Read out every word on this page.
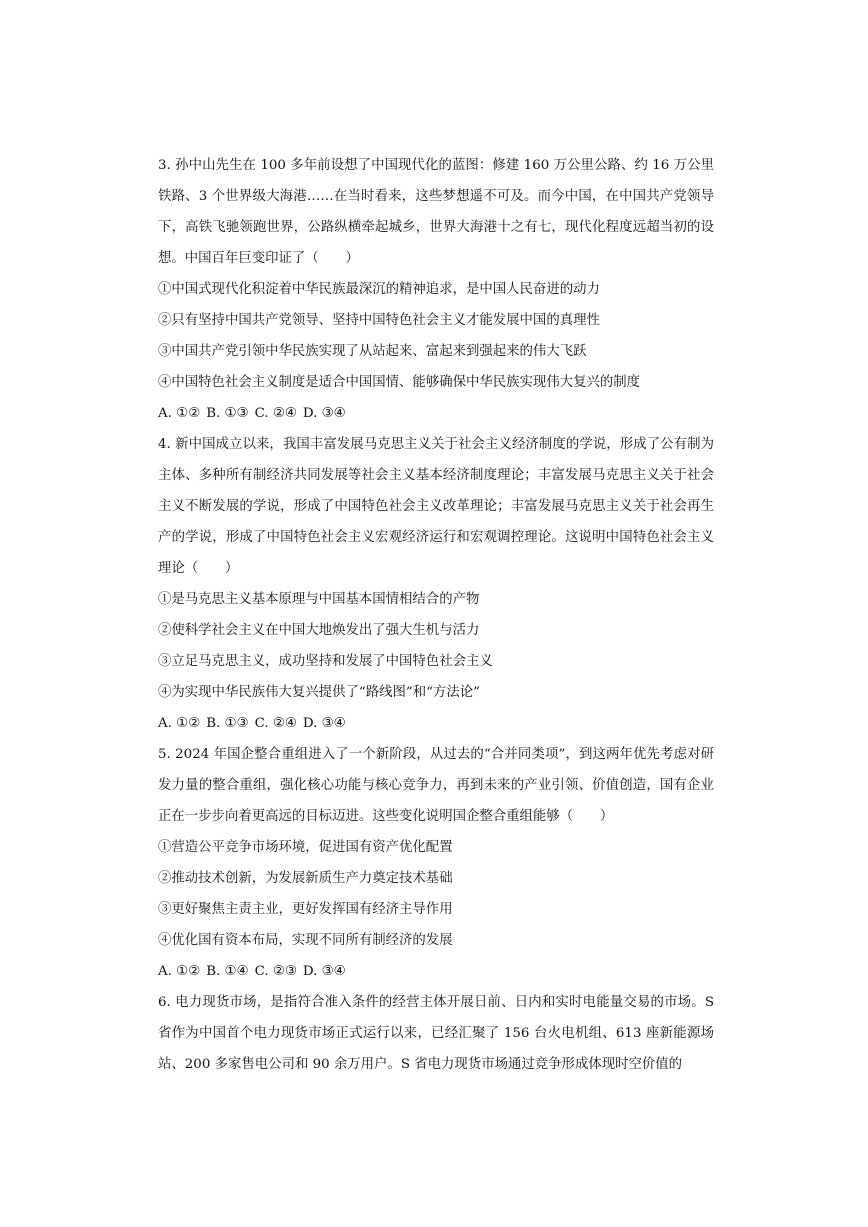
3. 孙中山先生在 100 多年前设想了中国现代化的蓝图：修建 160 万公里公路、约 16 万公里铁路、3 个世界级大海港……在当时看来，这些梦想遥不可及。而今中国，在中国共产党领导下，高铁飞驰领跑世界，公路纵横牵起城乡，世界大海港十之有七，现代化程度远超当初的设想。中国百年巨变印证了（　　）

①中国式现代化积淀着中华民族最深沉的精神追求，是中国人民奋进的动力

②只有坚持中国共产党领导、坚持中国特色社会主义才能发展中国的真理性

③中国共产党引领中华民族实现了从站起来、富起来到强起来的伟大飞跃

④中国特色社会主义制度是适合中国国情、能够确保中华民族实现伟大复兴的制度

A. ①② B. ①③ C. ②④ D. ③④

4. 新中国成立以来，我国丰富发展马克思主义关于社会主义经济制度的学说，形成了公有制为主体、多种所有制经济共同发展等社会主义基本经济制度理论；丰富发展马克思主义关于社会主义不断发展的学说，形成了中国特色社会主义改革理论；丰富发展马克思主义关于社会再生产的学说，形成了中国特色社会主义宏观经济运行和宏观调控理论。这说明中国特色社会主义理论（　　）

①是马克思主义基本原理与中国基本国情相结合的产物

②使科学社会主义在中国大地焕发出了强大生机与活力

③立足马克思主义，成功坚持和发展了中国特色社会主义

④为实现中华民族伟大复兴提供了“路线图”和“方法论”

A. ①② B. ①③ C. ②④ D. ③④

5. 2024 年国企整合重组进入了一个新阶段，从过去的“合并同类项”，到这两年优先考虑对研发力量的整合重组，强化核心功能与核心竞争力，再到未来的产业引领、价值创造，国有企业正在一步步向着更高远的目标迈进。这些变化说明国企整合重组能够（　　）

①营造公平竞争市场环境，促进国有资产优化配置

②推动技术创新，为发展新质生产力奠定技术基础

③更好聚焦主责主业，更好发挥国有经济主导作用

④优化国有资本布局，实现不同所有制经济的发展

A. ①② B. ①④ C. ②③ D. ③④

6. 电力现货市场，是指符合准入条件的经营主体开展日前、日内和实时电能量交易的市场。S 省作为中国首个电力现货市场正式运行以来，已经汇聚了 156 台火电机组、613 座新能源场站、200 多家售电公司和 90 余万用户。S 省电力现货市场通过竞争形成体现时空价值的
